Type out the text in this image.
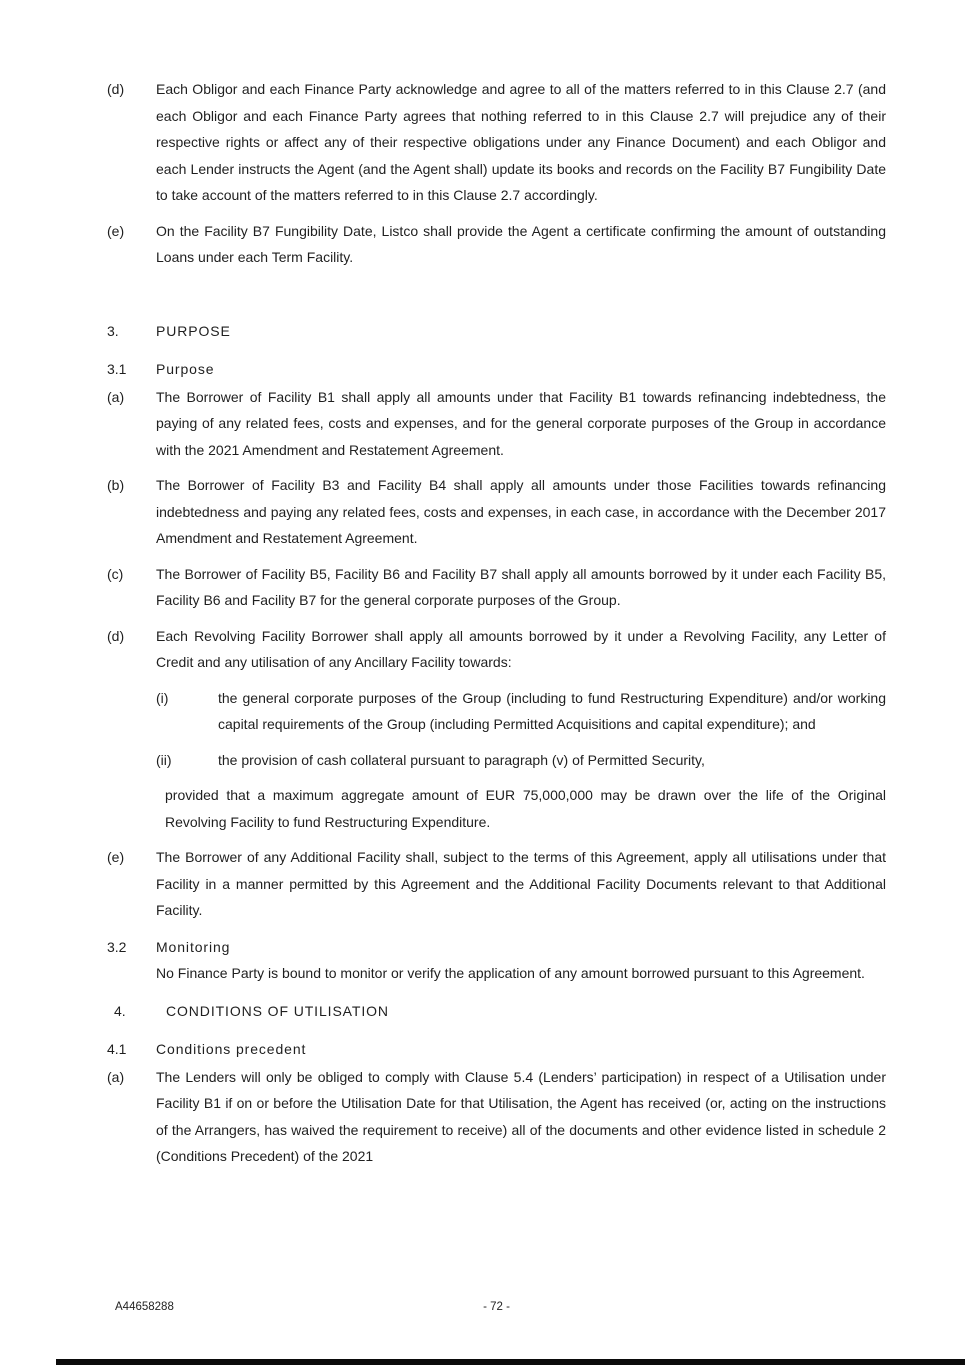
(d) Each Obligor and each Finance Party acknowledge and agree to all of the matters referred to in this Clause 2.7 (and each Obligor and each Finance Party agrees that nothing referred to in this Clause 2.7 will prejudice any of their respective rights or affect any of their respective obligations under any Finance Document) and each Obligor and each Lender instructs the Agent (and the Agent shall) update its books and records on the Facility B7 Fungibility Date to take account of the matters referred to in this Clause 2.7 accordingly.

(e) On the Facility B7 Fungibility Date, Listco shall provide the Agent a certificate confirming the amount of outstanding Loans under each Term Facility.

3.	PURPOSE
3.1 Purpose
(a) The Borrower of Facility B1 shall apply all amounts under that Facility B1 towards refinancing indebtedness, the paying of any related fees, costs and expenses, and for the general corporate purposes of the Group in accordance with the 2021 Amendment and Restatement Agreement.

(b) The Borrower of Facility B3 and Facility B4 shall apply all amounts under those Facilities towards refinancing indebtedness and paying any related fees, costs and expenses, in each case, in accordance with the December 2017 Amendment and Restatement Agreement.

(c) The Borrower of Facility B5, Facility B6 and Facility B7 shall apply all amounts borrowed by it under each Facility B5, Facility B6 and Facility B7 for the general corporate purposes of the Group.

(d) Each Revolving Facility Borrower shall apply all amounts borrowed by it under a Revolving Facility, any Letter of Credit and any utilisation of any Ancillary Facility towards:

(i)	the general corporate purposes of the Group (including to fund Restructuring Expenditure) and/or working capital requirements of the Group (including Permitted Acquisitions and capital expenditure); and

(ii)	the provision of cash collateral pursuant to paragraph (v) of Permitted Security,

provided that a maximum aggregate amount of EUR 75,000,000 may be drawn over the life of the Original Revolving Facility to fund Restructuring Expenditure.

(e) The Borrower of any Additional Facility shall, subject to the terms of this Agreement, apply all utilisations under that Facility in a manner permitted by this Agreement and the Additional Facility Documents relevant to that Additional Facility.

3.2 Monitoring

No Finance Party is bound to monitor or verify the application of any amount borrowed pursuant to this Agreement.

4.	CONDITIONS OF UTILISATION
4.1 Conditions precedent
(a) The Lenders will only be obliged to comply with Clause 5.4 (Lenders’ participation) in respect of a Utilisation under Facility B1 if on or before the Utilisation Date for that Utilisation, the Agent has received (or, acting on the instructions of the Arrangers, has waived the requirement to receive) all of the documents and other evidence listed in schedule 2 (Conditions Precedent) of the 2021

A44658288	- 72 -
